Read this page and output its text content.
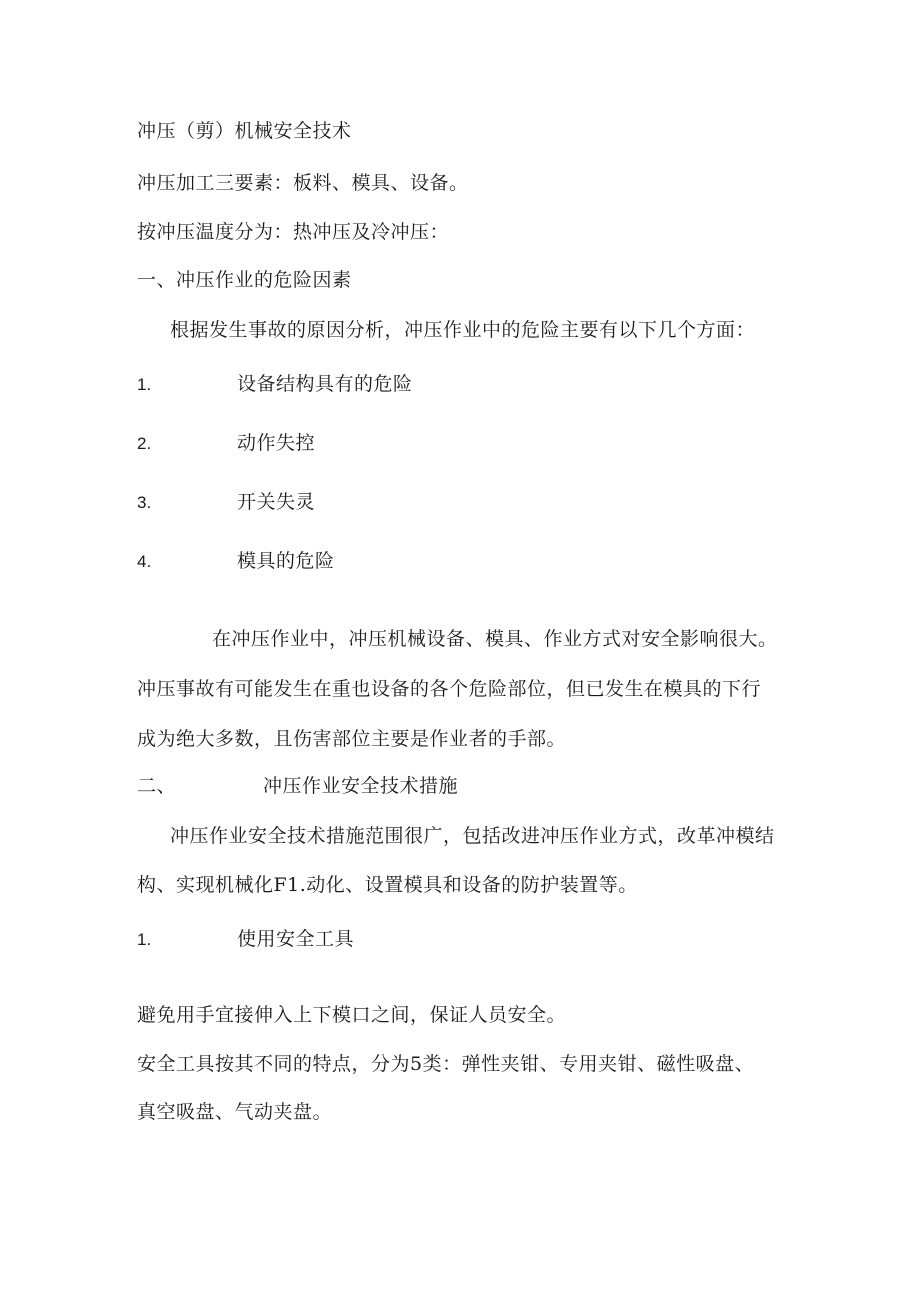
冲压（剪）机械安全技术
冲压加工三要素：板料、模具、设备。
按冲压温度分为：热冲压及冷冲压：
一、冲压作业的危险因素
根据发生事故的原因分析，冲压作业中的危险主要有以下几个方面：
1.	设备结构具有的危险
2.	动作失控
3.	开关失灵
4.	模具的危险
在冲压作业中，冲压机械设备、模具、作业方式对安全影响很大。
冲压事故有可能发生在重也设备的各个危险部位，但已发生在模具的下行
成为绝大多数，且伤害部位主要是作业者的手部。
二、	冲压作业安全技术措施
冲压作业安全技术措施范围很广，包括改进冲压作业方式，改革冲模结
构、实现机械化F1.动化、设置模具和设备的防护装置等。
1.	使用安全工具
避免用手宜接伸入上下模口之间，保证人员安全。
安全工具按其不同的特点，分为5类：弹性夹钳、专用夹钳、磁性吸盘、
真空吸盘、气动夹盘。
